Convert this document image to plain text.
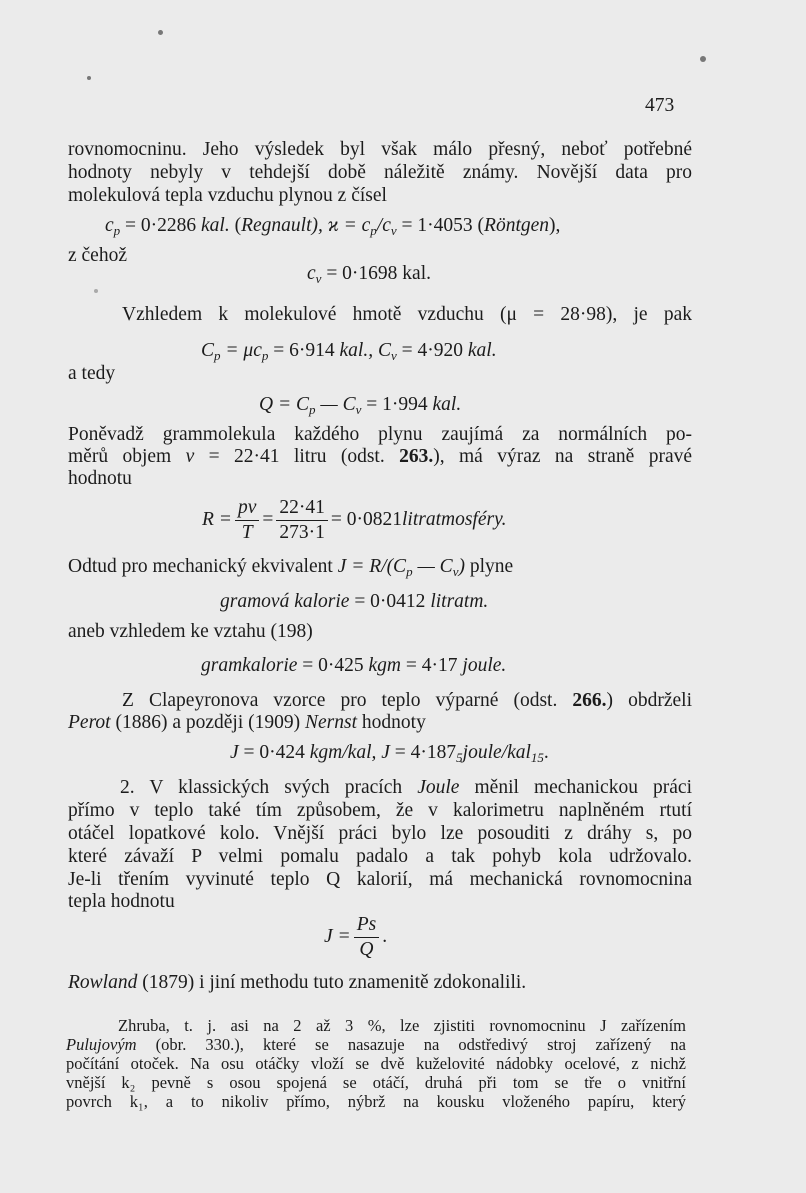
473
rovnomocninu. Jeho výsledek byl však málo přesný, neboť potřebné
hodnoty nebyly v tehdejší době náležitě známy. Novější data pro
molekulová tepla vzduchu plynou z čísel
$c_p = 0\cdot 2286$ kal. (Regnault), $ϰ = c_p/c_v = 1\cdot 4053$ (Röntgen),
z čehož
$c_v = 0\cdot 1698$ kal.
Vzhledem k molekulové hmotě vzduchu (μ = 28·98), je pak
$C_p = \mu c_p = 6\cdot 914$ kal., $C_v = 4\cdot 920$ kal.
a tedy
$Q = C_p$ — $C_v = 1\cdot 994$ kal.
Poněvadž grammolekula každého plynu zaujímá za normálních po-
měrů objem v = 22·41 litru (odst. 263.), má výraz na straně pravé
hodnotu
$R = \frac{pv}{T} = \frac{22\cdot 41}{273\cdot 1} = 0\cdot 0821$ litratmosféry.
Odtud pro mechanický ekvivalent $J = R/(C_p$ — $C_v$) plyne
gramová kalorie = 0·0412 litratm.
aneb vzhledem ke vztahu (198)
gramkalorie = 0·425 kgm = 4·17 joule.
Z Clapeyronova vzorce pro teplo výparné (odst. 266.) obdrželi
Perot (1886) a později (1909) Nernst hodnoty
J = 0·424 kgm/kal, $J = 4\cdot 187_5joule/kal_{15}$.
2. V klassických svých pracích Joule měnil mechanickou práci
přímo v teplo také tím způsobem, že v kalorimetru naplněném rtutí
otáčel lopatkové kolo. Vnější práci bylo lze posouditi z dráhy s, po
které závaží P velmi pomalu padalo a tak pohyb kola udržovalo.
Je-li třením vyvinuté teplo Q kalorií, má mechanická rovnomocnina
tepla hodnotu
$J = \frac{Ps}{Q}$ .
Rowland (1879) i jiní methodu tuto znamenitě zdokonalili.
Zhruba, t. j. asi na 2 až 3 %, lze zjistiti rovnomocninu J zařízením
Pulujovým (obr. 330.), které se nasazuje na odstředivý stroj zařízený na
počítání otoček. Na osu otáčky vloží se dvě kuželovité nádobky ocelové, z nichž
vnější k₂ pevně s osou spojená se otáčí, druhá při tom se tře o vnitřní
povrch k₁, a to nikoliv přímo, nýbrž na kousku vloženého papíru, který
